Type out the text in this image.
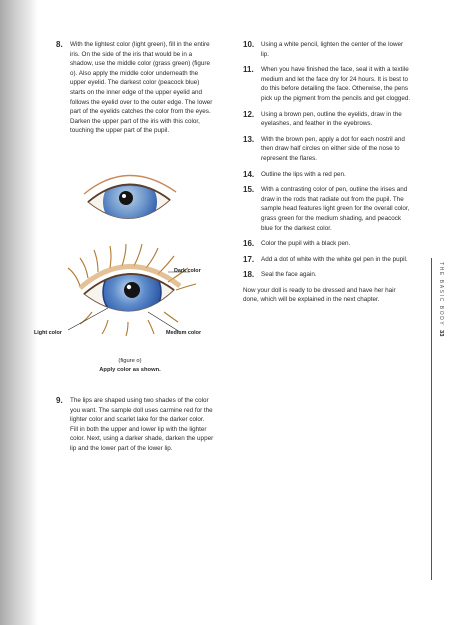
8.	With the lightest color (light green), fill in the entire iris. On the side of the iris that would be in a shadow, use the middle color (grass green) (figure o). Also apply the middle color underneath the upper eyelid. The darkest color (peacock blue) starts on the inner edge of the upper eyelid and follows the eyelid over to the outer edge. The lower part of the eyelids catches the color from the eyes. Darken the upper part of the iris with this color, touching the upper part of the pupil.
Dark color
Light color	Medium color
(figure o)
Apply color as shown.
9.	The lips are shaped using two shades of the color you want. The sample doll uses carmine red for the lighter color and scarlet lake for the darker color. Fill in both the upper and lower lip with the lighter color. Next, using a darker shade, darken the upper lip and the lower part of the lower lip.
10.	Using a white pencil, lighten the center of the lower lip.
11.	When you have finished the face, seal it with a textile medium and let the face dry for 24 hours. It is best to do this before detailing the face. Otherwise, the pens pick up the pigment from the pencils and get clogged.
12.	Using a brown pen, outline the eyelids, draw in the eyelashes, and feather in the eyebrows.
13.	With the brown pen, apply a dot for each nostril and then draw half circles on either side of the nose to represent the flares.
14.	Outline the lips with a red pen.
15.	With a contrasting color of pen, outline the irises and draw in the rods that radiate out from the pupil. The sample head features light green for the overall color, grass green for the medium shading, and peacock blue for the darkest color.
16.	Color the pupil with a black pen.
17.	Add a dot of white with the white gel pen in the pupil.
18.	Seal the face again.
Now your doll is ready to be dressed and have her hair done, which will be explained in the next chapter.	THE BASIC BODY
33
